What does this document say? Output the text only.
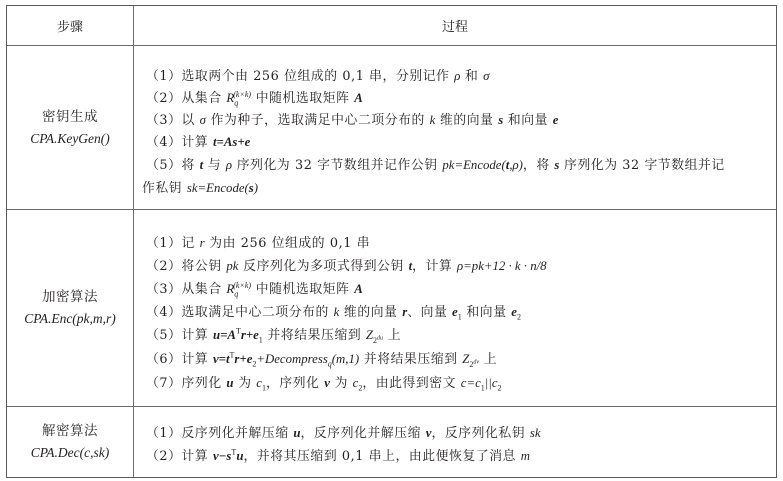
步骤	过程
密钥生成
CPA.KeyGen()
（1）选取两个由 256 位组成的 0,1 串，分别记作 ρ 和 σ
（2）从集合 $R_q^{(k\times k)}$ 中随机选取矩阵 A
（3）以 σ 作为种子，选取满足中心二项分布的 k 维的向量 s 和向量 e
（4）计算 t=As+e
（5）将 t 与 ρ 序列化为 32 字节数组并记作公钥 pk=Encode(t,ρ)，将 s 序列化为 32 字节数组并记
作私钥 sk=Encode(s)
加密算法
CPA.Enc(pk,m,r)
（1）记 r 为由 256 位组成的 0,1 串
（2）将公钥 pk 反序列化为多项式得到公钥 t，计算 ρ=pk+12 · k · n/8
（3）从集合 $R_q^{(k\times k)}$ 中随机选取矩阵 A
（4）选取满足中心二项分布的 k 维的向量 r、向量 $e_1$ 和向量 $e_2$
（5）计算 $u=A^Tr+e_1$ 并将结果压缩到 $Z_{2^{du}}$ 上
（6）计算 $v=t^Tr+e_2+Decompress_q(m,1)$ 并将结果压缩到 $Z_{2^{dv}}$ 上
（7）序列化 u 为 $c_1$，序列化 v 为 $c_2$，由此得到密文 $c=c_1||c_2$
解密算法
CPA.Dec(c,sk)
（1）反序列化并解压缩 u，反序列化并解压缩 v，反序列化私钥 sk
（2）计算 $v-s^Tu$，并将其压缩到 0,1 串上，由此便恢复了消息 m
